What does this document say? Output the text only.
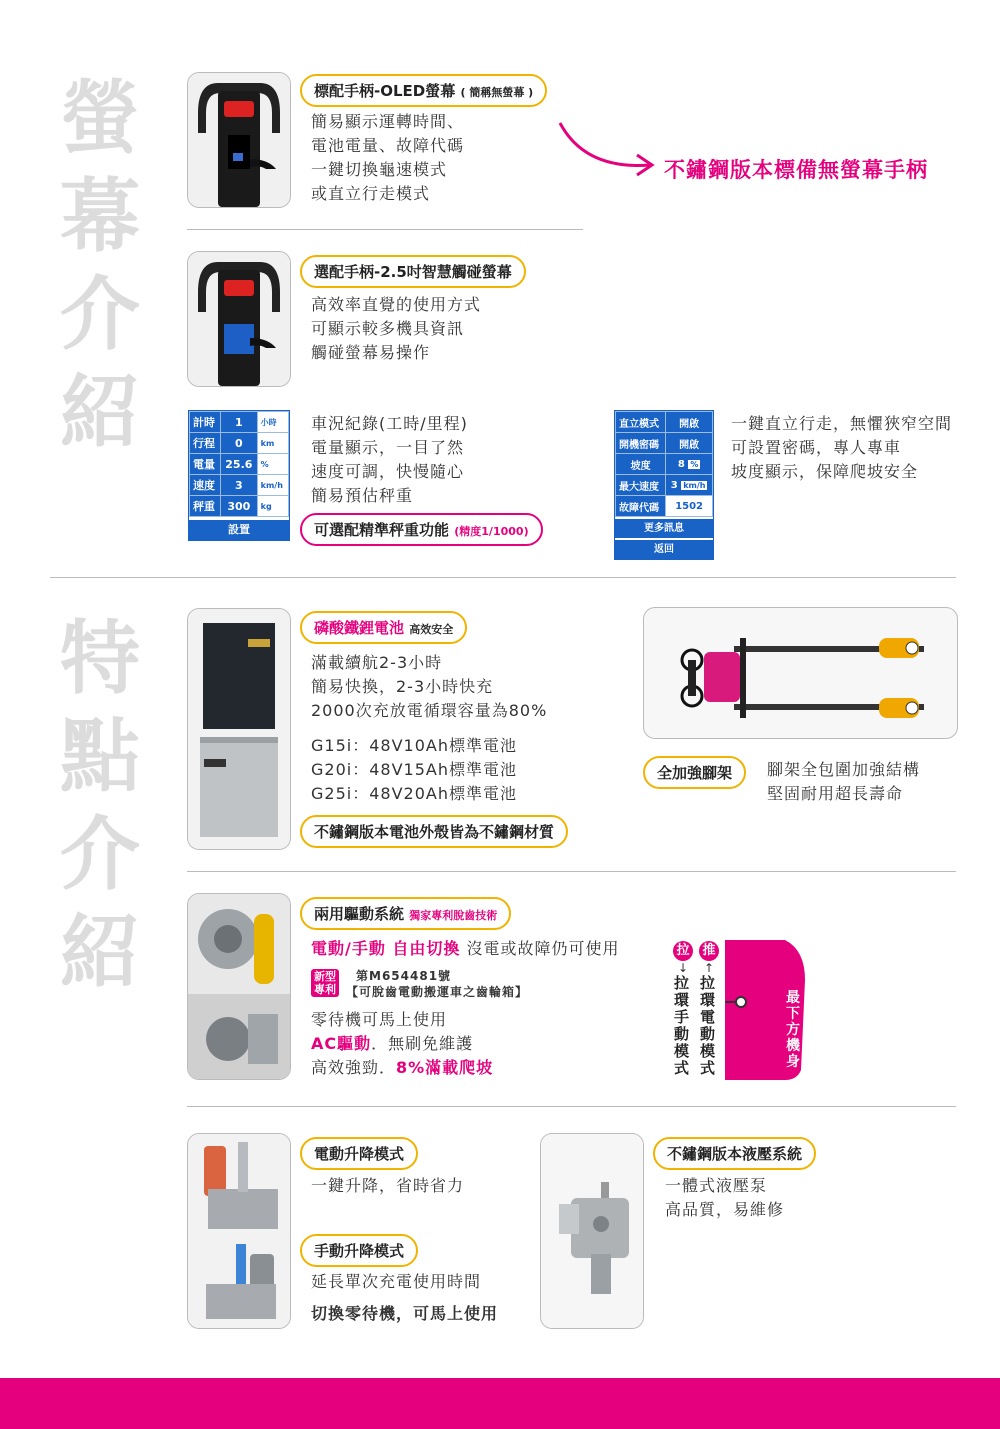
螢幕介紹
特點介紹
標配手柄-OLED螢幕 ( 簡稱無螢幕 )
簡易顯示運轉時間、
電池電量、故障代碼
一鍵切換龜速模式
或直立行走模式
不鏽鋼版本標備無螢幕手柄
選配手柄-2.5吋智慧觸碰螢幕
高效率直覺的使用方式
可顯示較多機具資訊
觸碰螢幕易操作
計時	1	小時
行程	0	km
電量	25.6	%
速度	3	km/h
秤重	300	kg
設置
車況紀錄(工時/里程)
電量顯示，一目了然
速度可調，快慢隨心
簡易預估秤重
可選配精準秤重功能 (精度1/1000)
直立模式	開啟
開機密碼	開啟
坡度	8 %
最大速度	3 km/h
故障代碼	1502
更多訊息
返回
一鍵直立行走，無懼狹窄空間
可設置密碼，專人專車
坡度顯示，保障爬坡安全
磷酸鐵鋰電池 高效安全
滿載續航2-3小時
簡易快換，2-3小時快充
2000次充放電循環容量為80%
G15i：48V10Ah標準電池
G20i：48V15Ah標準電池
G25i：48V20Ah標準電池
不鏽鋼版本電池外殼皆為不鏽鋼材質
全加強腳架	腳架全包圍加強結構
堅固耐用超長壽命
兩用驅動系統 獨家專利脫齒技術
電動/手動 自由切換 沒電或故障仍可使用
新型
專利
第M654481號
【可脫齒電動搬運車之齒輪箱】
零待機可馬上使用
AC驅動．無刷免維護
高效強勁．8%滿載爬坡
拉 推
↓ ↑
拉環手動模式
拉環電動模式
最下方機身
電動升降模式
一鍵升降，省時省力
手動升降模式
延長單次充電使用時間
切換零待機，可馬上使用
不鏽鋼版本液壓系統
一體式液壓泵
高品質，易維修
